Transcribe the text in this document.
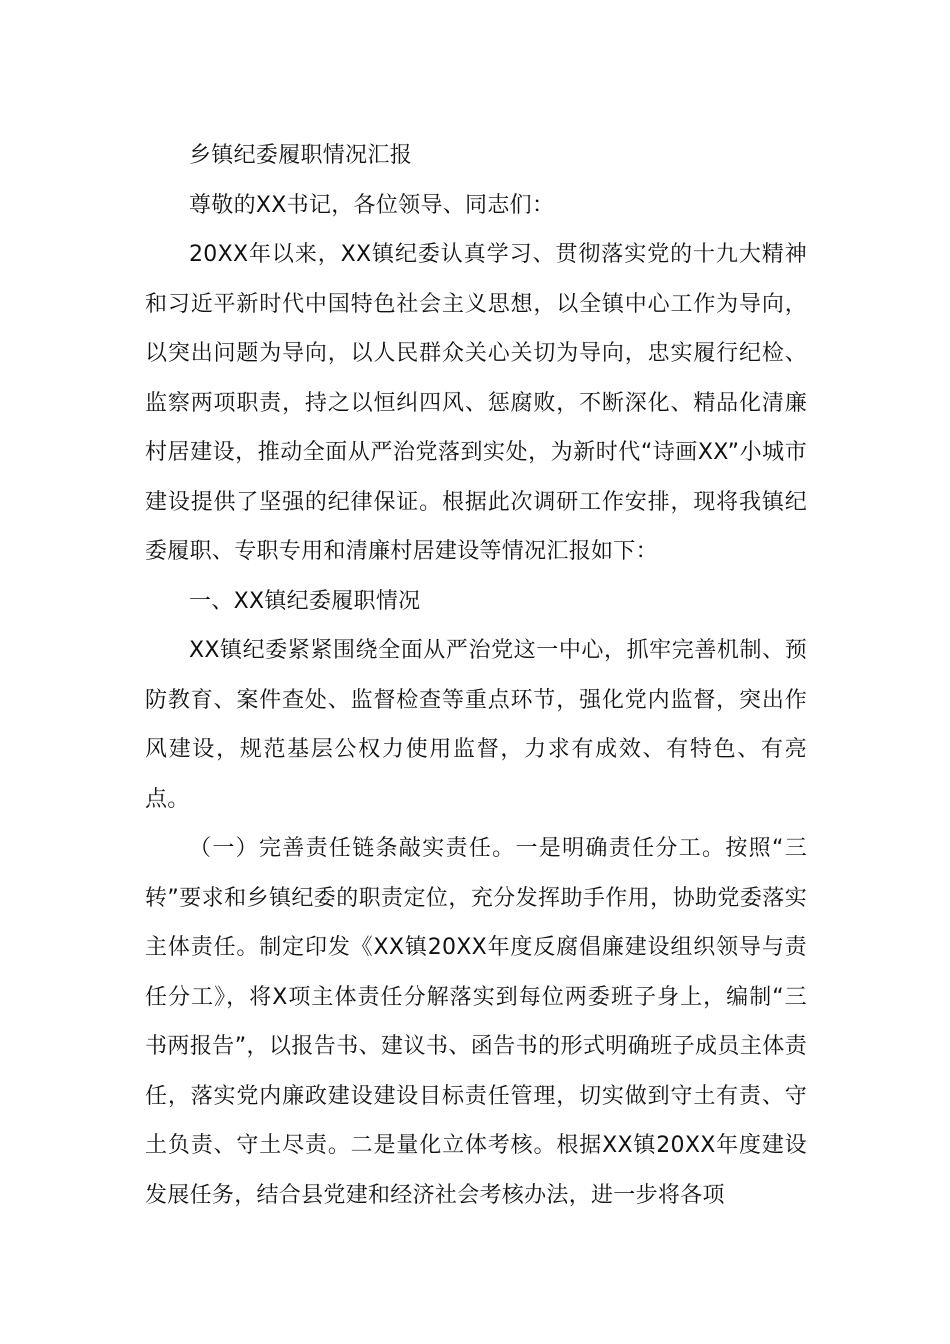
乡镇纪委履职情况汇报

尊敬的XX书记，各位领导、同志们：

20XX年以来，XX镇纪委认真学习、贯彻落实党的十九大精神和习近平新时代中国特色社会主义思想，以全镇中心工作为导向，以突出问题为导向，以人民群众关心关切为导向，忠实履行纪检、监察两项职责，持之以恒纠四风、惩腐败，不断深化、精品化清廉村居建设，推动全面从严治党落到实处，为新时代“诗画XX”小城市建设提供了坚强的纪律保证。根据此次调研工作安排，现将我镇纪委履职、专职专用和清廉村居建设等情况汇报如下：

一、XX镇纪委履职情况

XX镇纪委紧紧围绕全面从严治党这一中心，抓牢完善机制、预防教育、案件查处、监督检查等重点环节，强化党内监督，突出作风建设，规范基层公权力使用监督，力求有成效、有特色、有亮点。

（一）完善责任链条敲实责任。一是明确责任分工。按照“三转”要求和乡镇纪委的职责定位，充分发挥助手作用，协助党委落实主体责任。制定印发《XX镇20XX年度反腐倡廉建设组织领导与责任分工》，将X项主体责任分解落实到每位两委班子身上，编制“三书两报告”，以报告书、建议书、函告书的形式明确班子成员主体责任，落实党内廉政建设建设目标责任管理，切实做到守土有责、守土负责、守土尽责。二是量化立体考核。根据XX镇20XX年度建设发展任务，结合县党建和经济社会考核办法，进一步将各项
